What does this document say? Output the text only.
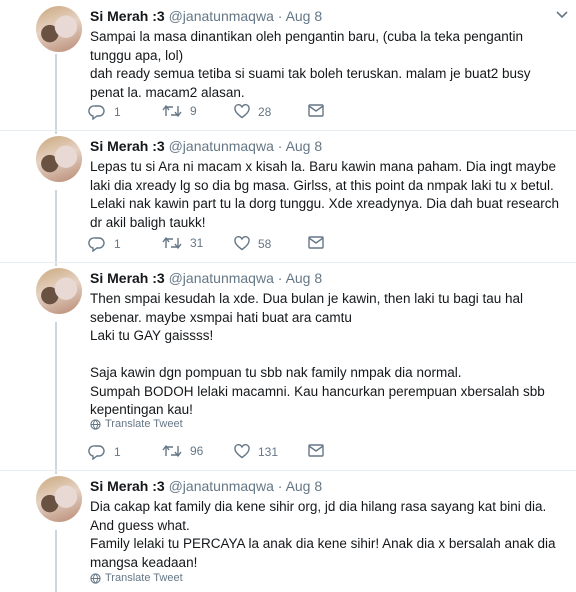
Si Merah :3 @janatunmaqwa · Aug 8

Sampai la masa dinantikan oleh pengantin baru, (cuba la teka pengantin tunggu apa, lol)

dah ready semua tetiba si suami tak boleh teruskan. malam je buat2 busy penat la. macam2 alasan.

1	9	28
Si Merah :3 @janatunmaqwa · Aug 8

Lepas tu si Ara ni macam x kisah la. Baru kawin mana paham. Dia ingt maybe laki dia xready lg so dia bg masa. Girlss, at this point da nmpak laki tu x betul. Lelaki nak kawin part tu la dorg tunggu. Xde xreadynya. Dia dah buat research dr akil baligh taukk!

1	31	58
Si Merah :3 @janatunmaqwa · Aug 8

Then smpai kesudah la xde. Dua bulan je kawin, then laki tu bagi tau hal sebenar. maybe xsmpai hati buat ara camtu

Laki tu GAY gaissss!

Saja kawin dgn pompuan tu sbb nak family nmpak dia normal.

Sumpah BODOH lelaki macamni. Kau hancurkan perempuan xbersalah sbb kepentingan kau!

Translate Tweet
1	96	131
Si Merah :3 @janatunmaqwa · Aug 8

Dia cakap kat family dia kene sihir org, jd dia hilang rasa sayang kat bini dia.

And guess what.

Family lelaki tu PERCAYA la anak dia kene sihir! Anak dia x bersalah anak dia mangsa keadaan!

Translate Tweet
